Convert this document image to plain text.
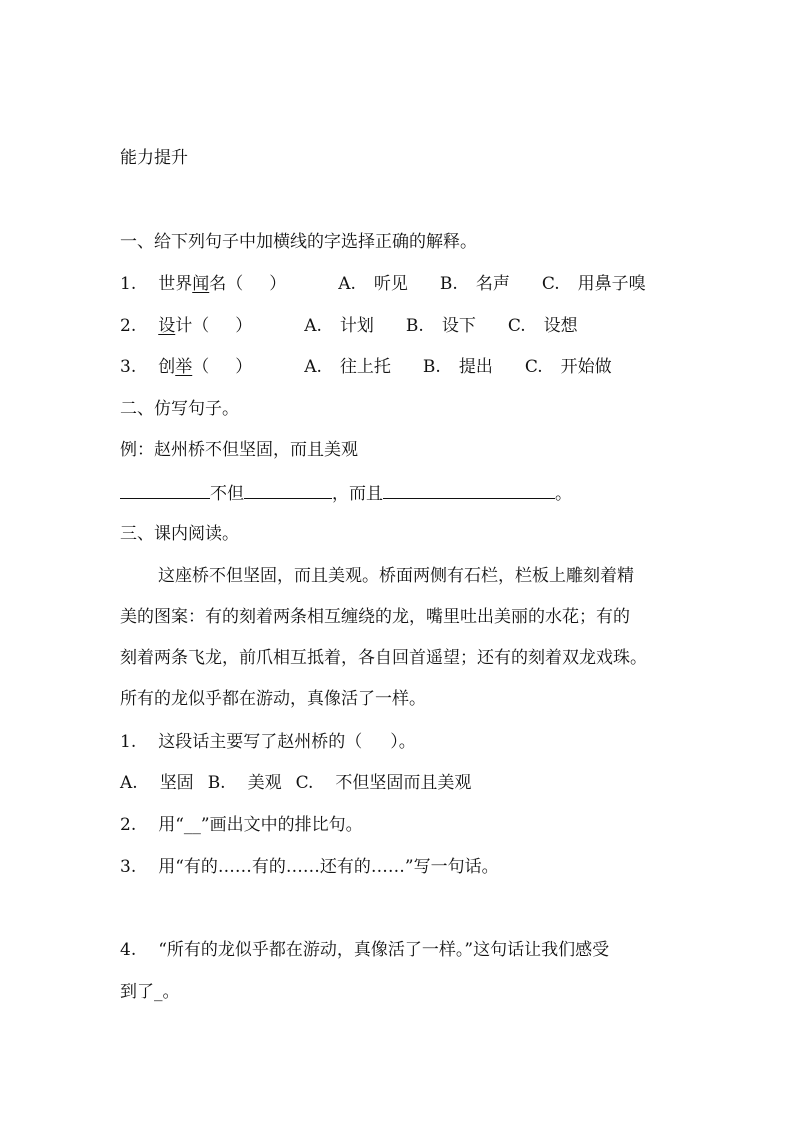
能力提升
一、给下列句子中加横线的字选择正确的解释。
1. 世界闻名（ ）	A. 听见 B. 名声 C. 用鼻子嗅
2. 设计（ ）	A. 计划 B. 设下 C. 设想
3. 创举（ ）	A. 往上托 B. 提出 C. 开始做
二、仿写句子。
例：赵州桥不但坚固，而且美观
不但	，而且	。
三、课内阅读。
这座桥不但坚固，而且美观。桥面两侧有石栏，栏板上雕刻着精
美的图案：有的刻着两条相互缠绕的龙，嘴里吐出美丽的水花；有的
刻着两条飞龙，前爪相互抵着，各自回首遥望；还有的刻着双龙戏珠。
所有的龙似乎都在游动，真像活了一样。
1. 这段话主要写了赵州桥的（ ）。
A. 坚固 B. 美观 C. 不但坚固而且美观
2. 用“__”画出文中的排比句。
3. 用“有的……有的……还有的……”写一句话。
4. “所有的龙似乎都在游动，真像活了一样。”这句话让我们感受
到了_。
